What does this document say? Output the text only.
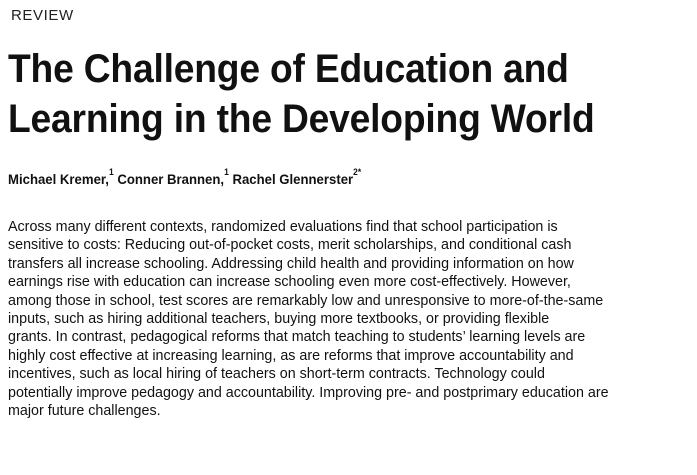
REVIEW
The Challenge of Education and
Learning in the Developing World
Michael Kremer,$^1$ Conner Brannen,$^1$ Rachel Glennerster$^{2*}$
Across many different contexts, randomized evaluations find that school participation is
sensitive to costs: Reducing out-of-pocket costs, merit scholarships, and conditional cash
transfers all increase schooling. Addressing child health and providing information on how
earnings rise with education can increase schooling even more cost-effectively. However,
among those in school, test scores are remarkably low and unresponsive to more-of-the-same
inputs, such as hiring additional teachers, buying more textbooks, or providing flexible
grants. In contrast, pedagogical reforms that match teaching to students’ learning levels are
highly cost effective at increasing learning, as are reforms that improve accountability and
incentives, such as local hiring of teachers on short-term contracts. Technology could
potentially improve pedagogy and accountability. Improving pre- and postprimary education are
major future challenges.
